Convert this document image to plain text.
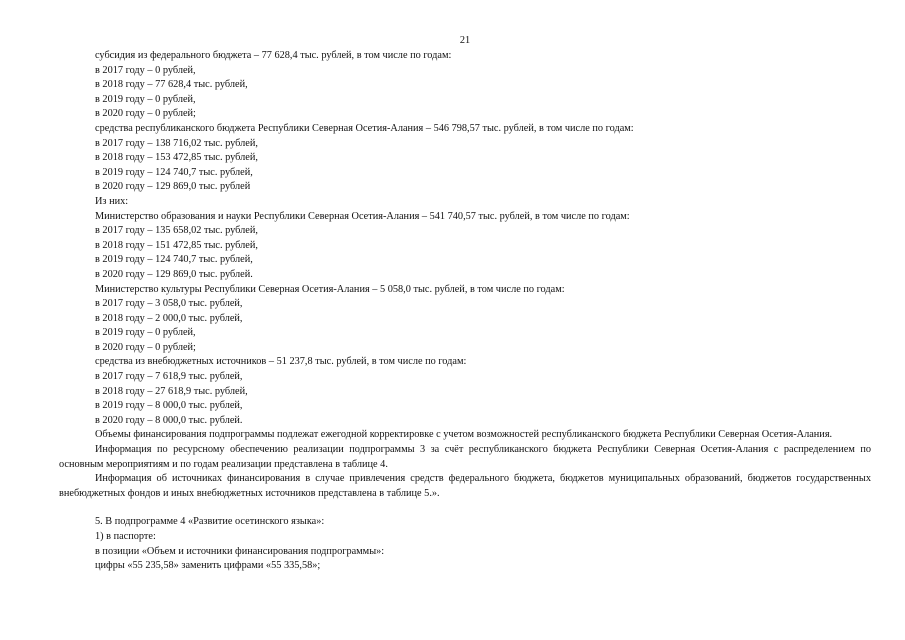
21
субсидия из федерального бюджета – 77 628,4 тыс. рублей, в том числе по годам:
в 2017 году – 0 рублей,
в 2018 году – 77 628,4 тыс. рублей,
в 2019 году – 0 рублей,
в 2020 году – 0 рублей;
средства республиканского бюджета Республики Северная Осетия-Алания – 546 798,57 тыс. рублей, в том числе по годам:
в 2017 году – 138 716,02 тыс. рублей,
в 2018 году – 153 472,85 тыс. рублей,
в 2019 году – 124 740,7 тыс. рублей,
в 2020 году – 129 869,0 тыс. рублей
Из них:
Министерство образования и науки Республики Северная Осетия-Алания – 541 740,57 тыс. рублей, в том числе по годам:
в 2017 году – 135 658,02 тыс. рублей,
в 2018 году – 151 472,85 тыс. рублей,
в 2019 году – 124 740,7 тыс. рублей,
в 2020 году – 129 869,0 тыс. рублей.
Министерство культуры Республики Северная Осетия-Алания – 5 058,0 тыс. рублей, в том числе по годам:
в 2017 году – 3 058,0 тыс. рублей,
в 2018 году – 2 000,0 тыс. рублей,
в 2019 году – 0 рублей,
в 2020 году – 0 рублей;
средства из внебюджетных источников – 51 237,8 тыс. рублей, в том числе по годам:
в 2017 году – 7 618,9 тыс. рублей,
в 2018 году – 27 618,9 тыс. рублей,
в 2019 году – 8 000,0 тыс. рублей,
в 2020 году – 8 000,0 тыс. рублей.
Объемы финансирования подпрограммы подлежат ежегодной корректировке с учетом возможностей республиканского бюджета Республики Северная Осетия-Алания.
Информация по ресурсному обеспечению реализации подпрограммы 3 за счёт республиканского бюджета Республики Северная Осетия-Алания с распределением по основным мероприятиям и по годам реализации представлена в таблице 4.
Информация об источниках финансирования в случае привлечения средств федерального бюджета, бюджетов муниципальных образований, бюджетов государственных внебюджетных фондов и иных внебюджетных источников представлена в таблице 5.».
5. В подпрограмме 4 «Развитие осетинского языка»:
1) в паспорте:
в позиции «Объем и источники финансирования подпрограммы»:
цифры «55 235,58» заменить цифрами «55 335,58»;
